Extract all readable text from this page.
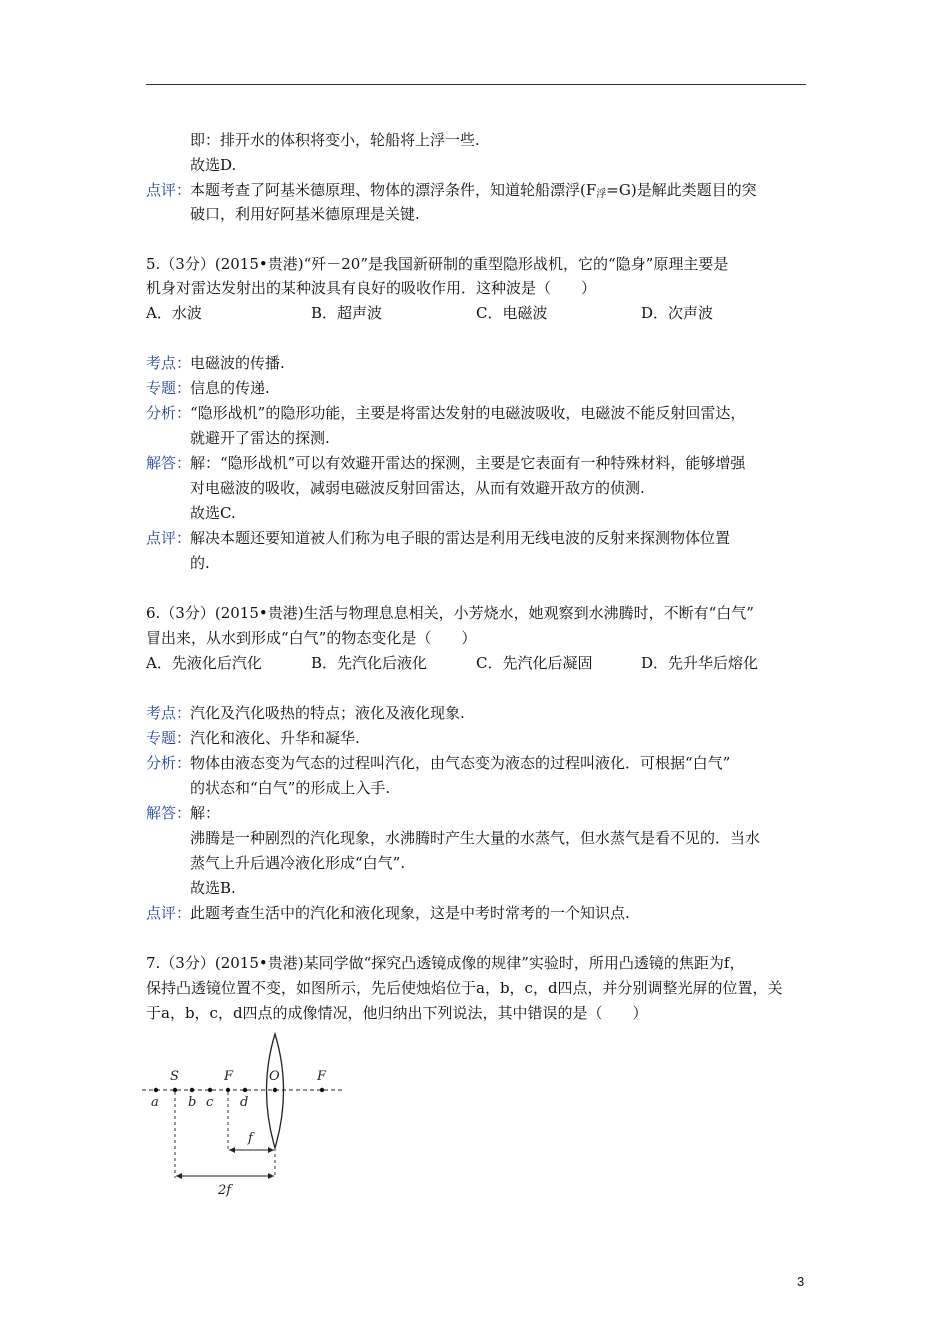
即：排开水的体积将变小，轮船将上浮一些.
故选D.
点评：本题考查了阿基米德原理、物体的漂浮条件，知道轮船漂浮$(F_浮=G)$是解此类题目的突
破口，利用好阿基米德原理是关键.
5.（3分）(2015•贵港)“歼－20”是我国新研制的重型隐形战机，它的“隐身”原理主要是
机身对雷达发射出的某种波具有良好的吸收作用．这种波是（　　）
A．水波	B．超声波	C．电磁波	D．次声波
考点：电磁波的传播.
专题：信息的传递.
分析：“隐形战机”的隐形功能，主要是将雷达发射的电磁波吸收，电磁波不能反射回雷达，
就避开了雷达的探测.
解答：解：“隐形战机”可以有效避开雷达的探测，主要是它表面有一种特殊材料，能够增强
对电磁波的吸收，减弱电磁波反射回雷达，从而有效避开敌方的侦测.
故选C.
点评：解决本题还要知道被人们称为电子眼的雷达是利用无线电波的反射来探测物体位置
的.
6.（3分）(2015•贵港)生活与物理息息相关，小芳烧水，她观察到水沸腾时，不断有“白气”
冒出来，从水到形成“白气”的物态变化是（　　）
A．先液化后汽化	B．先汽化后液化	C．先汽化后凝固	D．先升华后熔化
考点：汽化及汽化吸热的特点；液化及液化现象.
专题：汽化和液化、升华和凝华.
分析：物体由液态变为气态的过程叫汽化，由气态变为液态的过程叫液化．可根据“白气”
的状态和“白气”的形成上入手.
解答：解：
沸腾是一种剧烈的汽化现象，水沸腾时产生大量的水蒸气，但水蒸气是看不见的．当水
蒸气上升后遇冷液化形成“白气”.
故选B.
点评：此题考查生活中的汽化和液化现象，这是中考时常考的一个知识点.
7.（3分）(2015•贵港)某同学做“探究凸透镜成像的规律”实验时，所用凸透镜的焦距为f，
保持凸透镜位置不变，如图所示，先后使烛焰位于a，b，c，d四点，并分别调整光屏的位置，关
于a，b，c，d四点的成像情况，他归纳出下列说法，其中错误的是（　　）
S	F	O	F
a b c d
f
2f
3
